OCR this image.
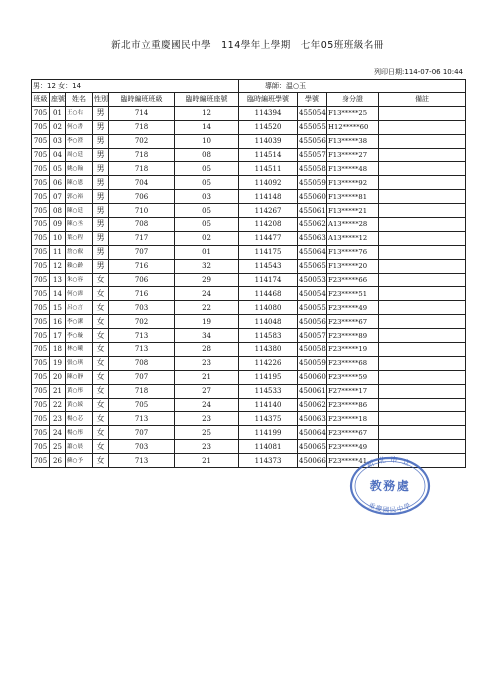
新北市立重慶國民中學　114學年上學期　七年05班班級名冊
列印日期:114-07-06 10:44
男：12 女：14						導師：温○玉			
班級	座號	姓名	性別	臨時編班班級	臨時編班座號	臨時編班學號	學號	身分證	備註
705	01	王○右	男	714	12	114394	455054	F13*****25	
705	02	何○書	男	718	14	114520	455055	H12*****60	
705	03	李○澄	男	702	10	114039	455056	F13*****38	
705	04	周○廷	男	718	08	114514	455057	F13*****27	
705	05	姚○翰	男	718	05	114511	455058	F13*****48	
705	06	陳○恩	男	704	05	114092	455059	F13*****92	
705	07	郭○裕	男	706	03	114148	455060	F13*****81	
705	08	陳○廷	男	710	05	114267	455061	F13*****21	
705	09	陳○丞	男	708	05	114208	455062	A13*****28	
705	10	葉○程	男	717	02	114477	455063	A13*****12	
705	11	詹○叡	男	707	01	114175	455064	F13*****76	
705	12	賴○齡	男	716	32	114543	455065	F13*****20	
705	13	朱○容	女	706	29	114174	450053	F23*****66	
705	14	何○霈	女	716	24	114468	450054	F23*****51	
705	15	呂○言	女	703	22	114080	450055	F23*****49	
705	16	李○潔	女	702	19	114048	450056	F23*****67	
705	17	李○璇	女	713	34	114583	450057	F23*****89	
705	18	林○曦	女	713	28	114380	450058	F23*****19	
705	19	張○琪	女	708	23	114226	450059	F23*****68	
705	20	陳○靜	女	707	21	114195	450060	F23*****59	
705	21	黃○彤	女	718	27	114533	450061	F27*****17	
705	22	黃○綾	女	705	24	114140	450062	F23*****86	
705	23	楊○芯	女	713	23	114375	450063	F23*****18	
705	24	楊○彤	女	707	25	114199	450064	F23*****67	
705	25	蕭○晨	女	703	23	114081	450065	F23*****49	
705	26	蘇○予	女	713	21	114373	450066	F23*****41	
新北市立
教務處
重慶國民中學
